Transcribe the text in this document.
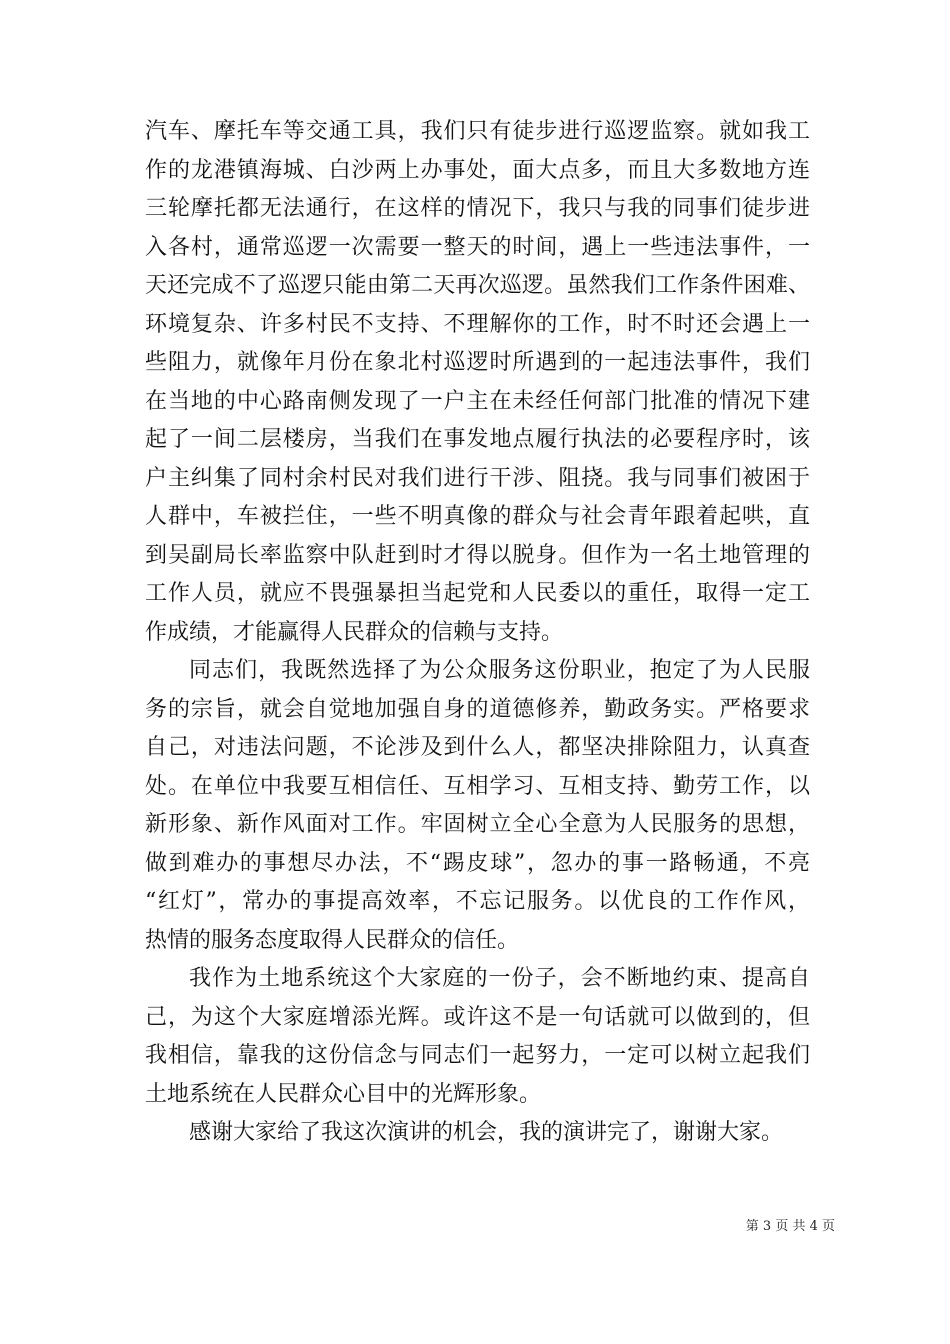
汽车、摩托车等交通工具，我们只有徒步进行巡逻监察。就如我工
作的龙港镇海城、白沙两上办事处，面大点多，而且大多数地方连
三轮摩托都无法通行，在这样的情况下，我只与我的同事们徒步进
入各村，通常巡逻一次需要一整天的时间，遇上一些违法事件，一
天还完成不了巡逻只能由第二天再次巡逻。虽然我们工作条件困难、
环境复杂、许多村民不支持、不理解你的工作，时不时还会遇上一
些阻力，就像年月份在象北村巡逻时所遇到的一起违法事件，我们
在当地的中心路南侧发现了一户主在未经任何部门批准的情况下建
起了一间二层楼房，当我们在事发地点履行执法的必要程序时，该
户主纠集了同村余村民对我们进行干涉、阻挠。我与同事们被困于
人群中，车被拦住，一些不明真像的群众与社会青年跟着起哄，直
到吴副局长率监察中队赶到时才得以脱身。但作为一名土地管理的
工作人员，就应不畏强暴担当起党和人民委以的重任，取得一定工
作成绩，才能赢得人民群众的信赖与支持。
同志们，我既然选择了为公众服务这份职业，抱定了为人民服
务的宗旨，就会自觉地加强自身的道德修养，勤政务实。严格要求
自己，对违法问题，不论涉及到什么人，都坚决排除阻力，认真查
处。在单位中我要互相信任、互相学习、互相支持、勤劳工作，以
新形象、新作风面对工作。牢固树立全心全意为人民服务的思想，
做到难办的事想尽办法，不“踢皮球”，忽办的事一路畅通，不亮
“红灯”，常办的事提高效率，不忘记服务。以优良的工作作风，
热情的服务态度取得人民群众的信任。
我作为土地系统这个大家庭的一份子，会不断地约束、提高自
己，为这个大家庭增添光辉。或许这不是一句话就可以做到的，但
我相信，靠我的这份信念与同志们一起努力，一定可以树立起我们
土地系统在人民群众心目中的光辉形象。
感谢大家给了我这次演讲的机会，我的演讲完了，谢谢大家。
第 3 页 共 4 页
